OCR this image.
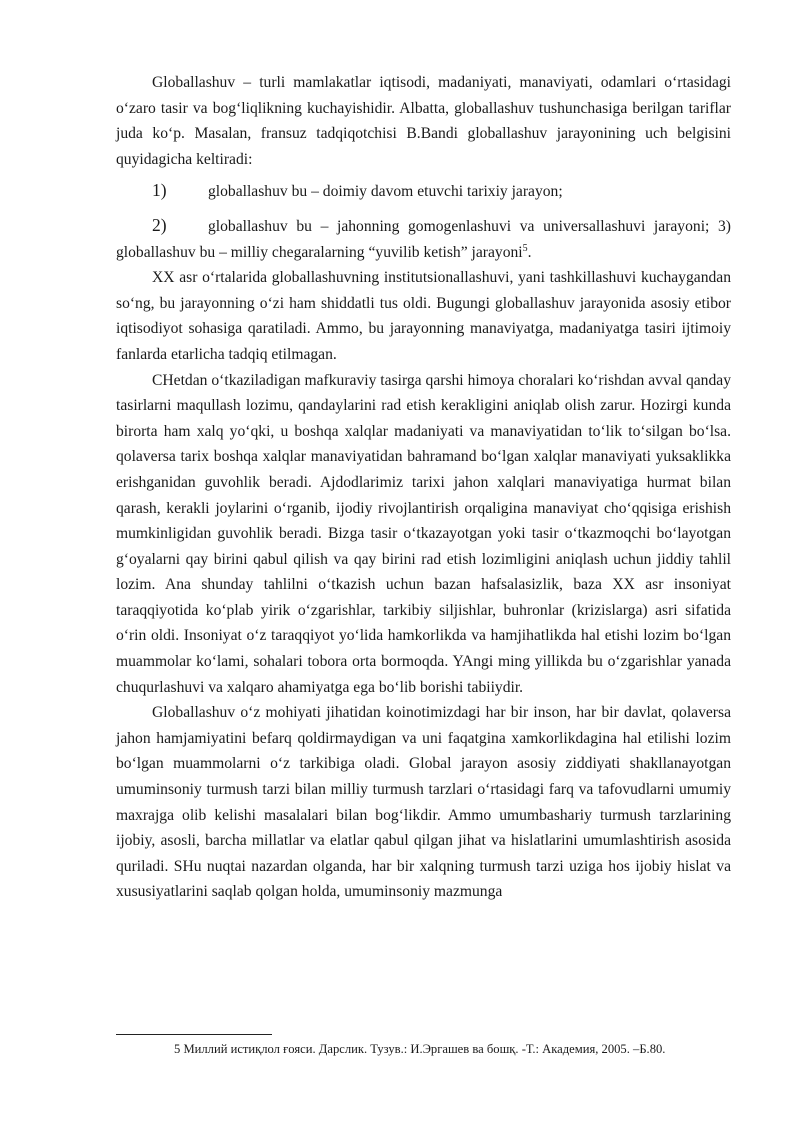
Globallashuv – turli mamlakatlar iqtisodi, madaniyati, manaviyati, odamlari oʻrtasidagi oʻzaro tasir va bogʻliqlikning kuchayishidir. Albatta, globallashuv tushunchasiga berilgan tariflar juda koʻp. Masalan, fransuz tadqiqotchisi B.Bandi globallashuv jarayonining uch belgisini quyidagicha keltiradi:

1)	globallashuv bu – doimiy davom etuvchi tarixiy jarayon;

2)	globallashuv bu – jahonning gomogenlashuvi va universallashuvi jarayoni; 3) globallashuv bu – milliy chegaralarning “yuvilib ketish” jarayoni$^5$.

XX asr oʻrtalarida globallashuvning institutsionallashuvi, yani tashkillashuvi kuchaygandan soʻng, bu jarayonning oʻzi ham shiddatli tus oldi. Bugungi globallashuv jarayonida asosiy etibor iqtisodiyot sohasiga qaratiladi. Ammo, bu jarayonning manaviyatga, madaniyatga tasiri ijtimoiy fanlarda etarlicha tadqiq etilmagan.

CHetdan oʻtkaziladigan mafkuraviy tasirga qarshi himoya choralari koʻrishdan avval qanday tasirlarni maqullash lozimu, qandaylarini rad etish kerakligini aniqlab olish zarur. Hozirgi kunda birorta ham xalq yoʻqki, u boshqa xalqlar madaniyati va manaviyatidan toʻlik toʻsilgan boʻlsa. qolaversa tarix boshqa xalqlar manaviyatidan bahramand boʻlgan xalqlar manaviyati yuksaklikka erishganidan guvohlik beradi. Ajdodlarimiz tarixi jahon xalqlari manaviyatiga hurmat bilan qarash, kerakli joylarini oʻrganib, ijodiy rivojlantirish orqaligina manaviyat choʻqqisiga erishish mumkinligidan guvohlik beradi. Bizga tasir oʻtkazayotgan yoki tasir oʻtkazmoqchi boʻlayotgan gʻoyalarni qay birini qabul qilish va qay birini rad etish lozimligini aniqlash uchun jiddiy tahlil lozim. Ana shunday tahlilni oʻtkazish uchun bazan hafsalasizlik, baza XX asr insoniyat taraqqiyotida koʻplab yirik oʻzgarishlar, tarkibiy siljishlar, buhronlar (krizislarga) asri sifatida oʻrin oldi. Insoniyat oʻz taraqqiyot yoʻlida hamkorlikda va hamjihatlikda hal etishi lozim boʻlgan muammolar koʻlami, sohalari tobora orta bormoqda. YAngi ming yillikda bu oʻzgarishlar yanada chuqurlashuvi va xalqaro ahamiyatga ega boʻlib borishi tabiiydir.

Globallashuv oʻz mohiyati jihatidan koinotimizdagi har bir inson, har bir davlat, qolaversa jahon hamjamiyatini befarq qoldirmaydigan va uni faqatgina xamkorlikdagina hal etilishi lozim boʻlgan muammolarni oʻz tarkibiga oladi. Global jarayon asosiy ziddiyati shakllanayotgan umuminsoniy turmush tarzi bilan milliy turmush tarzlari oʻrtasidagi farq va tafovudlarni umumiy maxrajga olib kelishi masalalari bilan bogʻlikdir. Ammo umumbashariy turmush tarzlarining ijobiy, asosli, barcha millatlar va elatlar qabul qilgan jihat va hislatlarini umumlashtirish asosida quriladi. SHu nuqtai nazardan olganda, har bir xalqning turmush tarzi uziga hos ijobiy hislat va xususiyatlarini saqlab qolgan holda, umuminsoniy mazmunga

5 Миллий истиқлол ғояси. Дарслик. Тузув.: И.Эргашев ва бошқ. -Т.: Академия, 2005. –Б.80.
